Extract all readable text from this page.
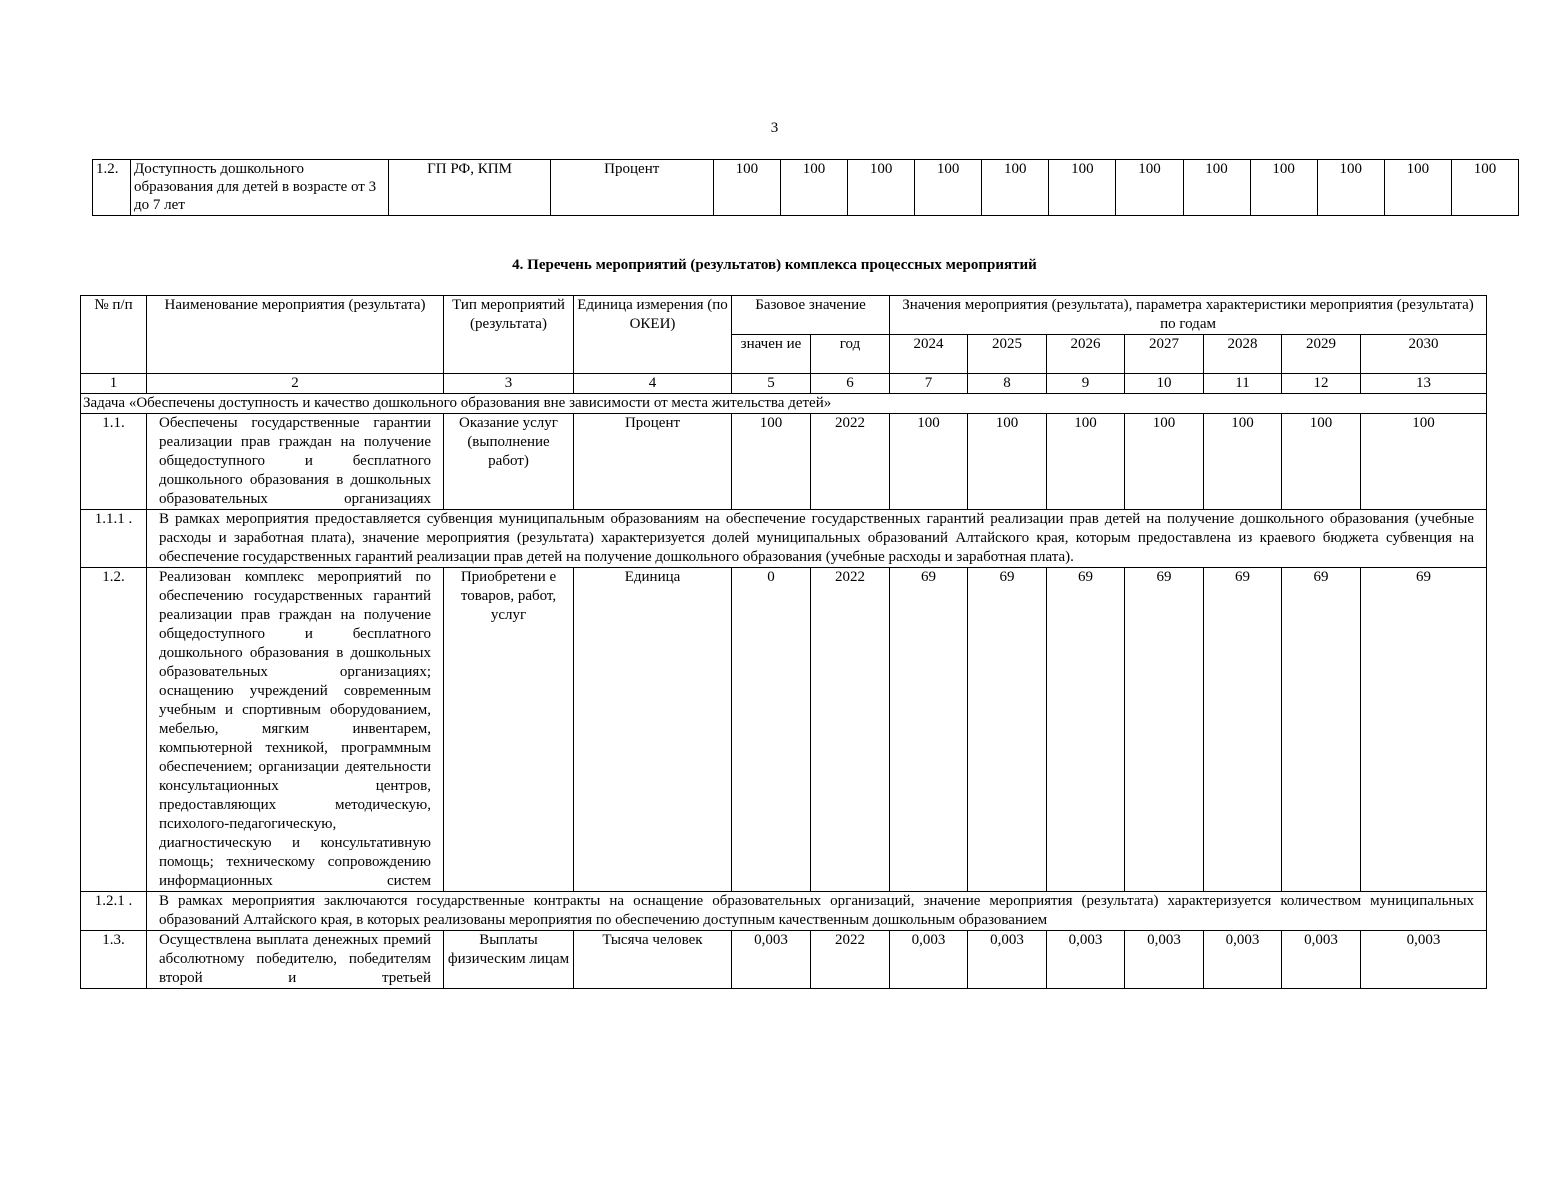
3
1.2.	Доступность дошкольного образования для детей в возрасте от 3 до 7 лет	ГП РФ, КПМ	Процент	100	100	100	100	100	100	100	100	100	100	100	100
4. Перечень мероприятий (результатов) комплекса процессных мероприятий
№ п/п	Наименование мероприятия (результата)	Тип мероприятий (результата)	Единица измерения (по ОКЕИ)	Базовое значение		Значения мероприятия (результата), параметра характеристики мероприятия (результата) по годам						
				значен ие	год	2024	2025	2026	2027	2028	2029	2030
1	2	3	4	5	6	7	8	9	10	11	12	13
Задача «Обеспечены доступность и качество дошкольного образования вне зависимости от места жительства детей»												
1.1.	Обеспечены государственные гарантии реализации прав граждан на получение общедоступного и бесплатного дошкольного образования в дошкольных образовательных организациях	Оказание услуг (выполнение работ)	Процент	100	2022	100	100	100	100	100	100	100
1.1.1 .	В рамках мероприятия предоставляется субвенция муниципальным образованиям на обеспечение государственных гарантий реализации прав детей на получение дошкольного образования (учебные расходы и заработная плата), значение мероприятия (результата) характеризуется долей муниципальных образований Алтайского края, которым предоставлена из краевого бюджета субвенция на обеспечение государственных гарантий реализации прав детей на получение дошкольного образования (учебные расходы и заработная плата).											
1.2.	Реализован комплекс мероприятий по обеспечению государственных гарантий реализации прав граждан на получение общедоступного и бесплатного дошкольного образования в дошкольных образовательных организациях; оснащению учреждений современным учебным и спортивным оборудованием, мебелью, мягким инвентарем, компьютерной техникой, программным обеспечением; организации деятельности консультационных центров, предоставляющих методическую, психолого-педагогическую, диагностическую и консультативную помощь; техническому сопровождению информационных систем	Приобретени е товаров, работ, услуг	Единица	0	2022	69	69	69	69	69	69	69
1.2.1 .	В рамках мероприятия заключаются государственные контракты на оснащение образовательных организаций, значение мероприятия (результата) характеризуется количеством муниципальных образований Алтайского края, в которых реализованы мероприятия по обеспечению доступным качественным дошкольным образованием											
1.3.	Осуществлена выплата денежных премий абсолютному победителю, победителям второй и третьей	Выплаты физическим лицам	Тысяча человек	0,003	2022	0,003	0,003	0,003	0,003	0,003	0,003	0,003
